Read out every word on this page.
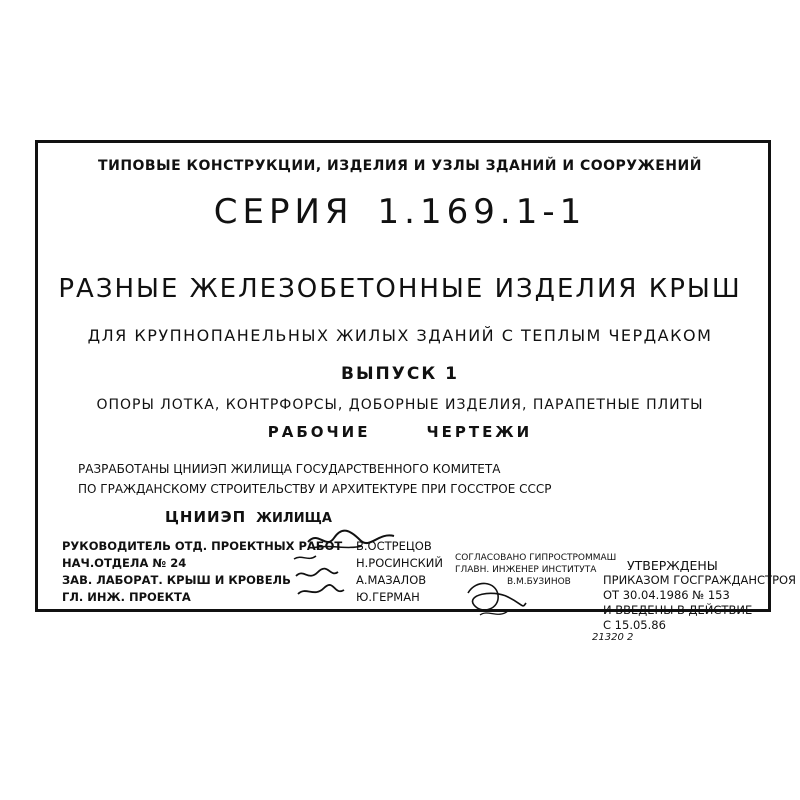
ТИПОВЫЕ КОНСТРУКЦИИ, ИЗДЕЛИЯ И УЗЛЫ ЗДАНИЙ И СООРУЖЕНИЙ
СЕРИЯ 1.169.1-1
РАЗНЫЕ ЖЕЛЕЗОБЕТОННЫЕ ИЗДЕЛИЯ КРЫШ
ДЛЯ КРУПНОПАНЕЛЬНЫХ ЖИЛЫХ ЗДАНИЙ С ТЕПЛЫМ ЧЕРДАКОМ
ВЫПУСК 1
ОПОРЫ ЛОТКА, КОНТРФОРСЫ, ДОБОРНЫЕ ИЗДЕЛИЯ, ПАРАПЕТНЫЕ ПЛИТЫ
РАБОЧИЕ	ЧЕРТЕЖИ
РАЗРАБОТАНЫ ЦНИИЭП ЖИЛИЩА ГОСУДАРСТВЕННОГО КОМИТЕТА
ПО ГРАЖДАНСКОМУ СТРОИТЕЛЬСТВУ И АРХИТЕКТУРЕ ПРИ ГОССТРОЕ СССР
ЦНИИЭП ЖИЛИЩА
РУКОВОДИТЕЛЬ ОТД. ПРОЕКТНЫХ РАБОТ
НАЧ.ОТДЕЛА № 24
ЗАВ. ЛАБОРАТ. КРЫШ И КРОВЕЛЬ
ГЛ. ИНЖ. ПРОЕКТА
В.ОСТРЕЦОВ
Н.РОСИНСКИЙ
А.МАЗАЛОВ
Ю.ГЕРМАН
СОГЛАСОВАНО ГИПРОСТРОММАШ
ГЛАВН. ИНЖЕНЕР ИНСТИТУТА
В.М.БУЗИНОВ
УТВЕРЖДЕНЫ
ПРИКАЗОМ ГОСГРАЖДАНСТРОЯ
ОТ 30.04.1986 № 153
И ВВЕДЕНЫ В ДЕЙСТВИЕ
С 15.05.86
21320 2
